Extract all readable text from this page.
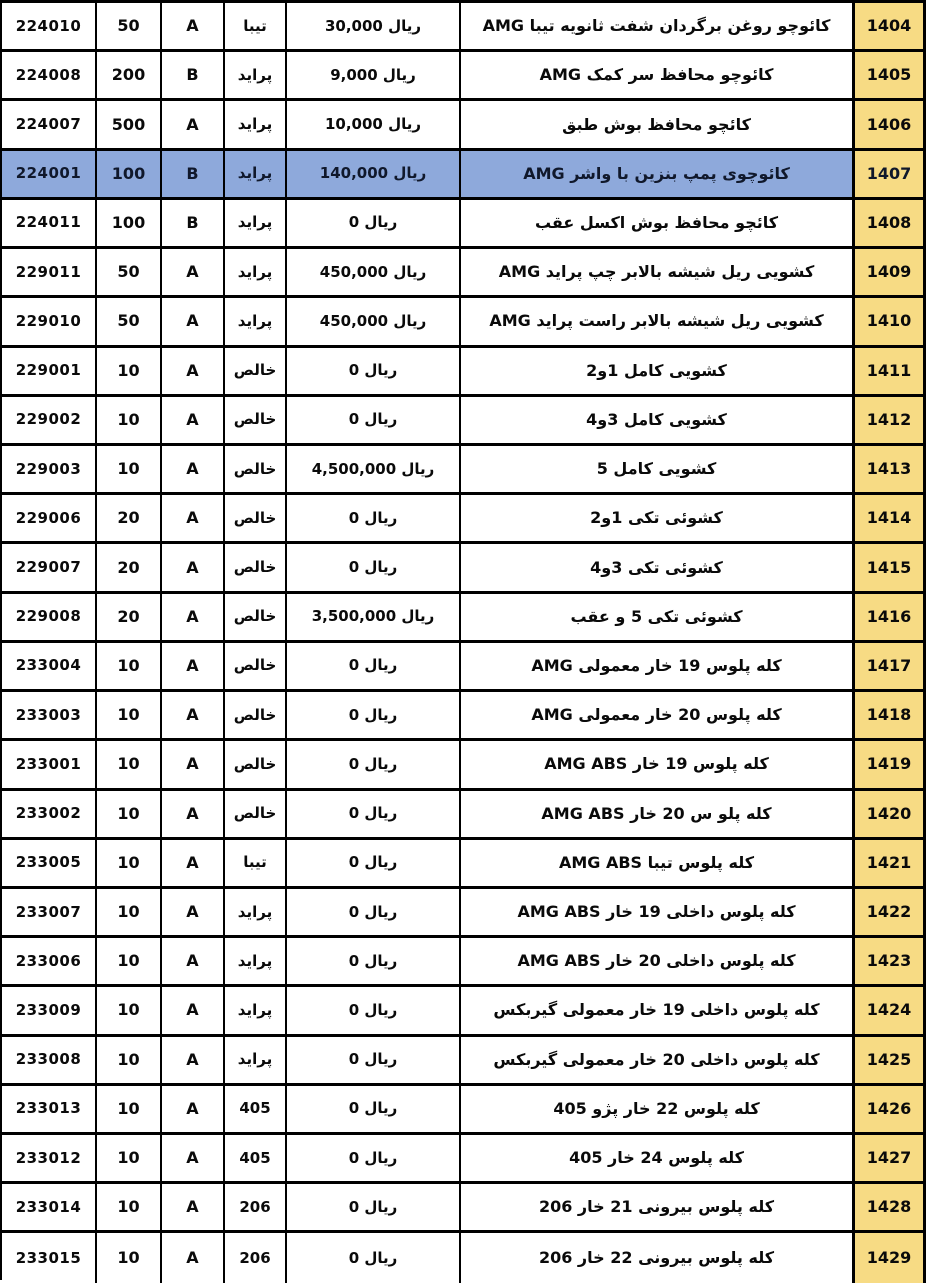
224010	50	A	تیبا	30,000 ریال	کائوچو روغن برگردان شفت ثانویه تیبا AMG	1404
224008	200	B	پراید	9,000 ریال	کائوچو محافظ سر کمک AMG	1405
224007	500	A	پراید	10,000 ریال	کائچو محافظ بوش طبق	1406
224001	100	B	پراید	140,000 ریال	کائوچوی پمپ بنزین با واشر AMG	1407
224011	100	B	پراید	ریال 0	کائچو محافظ بوش اکسل عقب	1408
229011	50	A	پراید	450,000 ریال	کشویی ریل شیشه بالابر چپ پراید AMG	1409
229010	50	A	پراید	450,000 ریال	کشویی ریل شیشه بالابر راست پراید AMG	1410
229001	10	A	خالص	ریال 0	کشویی کامل 1و2	1411
229002	10	A	خالص	ریال 0	کشویی کامل 3و4	1412
229003	10	A	خالص	4,500,000 ریال	کشویی کامل 5	1413
229006	20	A	خالص	ریال 0	کشوئی تکی 1و2	1414
229007	20	A	خالص	ریال 0	کشوئی تکی 3و4	1415
229008	20	A	خالص	3,500,000 ریال	کشوئی تکی 5 و عقب	1416
233004	10	A	خالص	ریال 0	کله پلوس 19 خار معمولی AMG	1417
233003	10	A	خالص	ریال 0	کله پلوس 20 خار معمولی AMG	1418
233001	10	A	خالص	ریال 0	کله پلوس 19 خار AMG ABS	1419
233002	10	A	خالص	ریال 0	کله پلو س 20 خار AMG ABS	1420
233005	10	A	تیبا	ریال 0	کله پلوس تیبا AMG ABS	1421
233007	10	A	پراید	ریال 0	کله پلوس داخلی 19 خار AMG ABS	1422
233006	10	A	پراید	ریال 0	کله پلوس داخلی 20 خار AMG ABS	1423
233009	10	A	پراید	ریال 0	کله پلوس داخلی 19 خار معمولی گیربکس	1424
233008	10	A	پراید	ریال 0	کله پلوس داخلی 20 خار معمولی گیربکس	1425
233013	10	A	405	ریال 0	کله پلوس 22 خار پژو 405	1426
233012	10	A	405	ریال 0	کله پلوس 24 خار 405	1427
233014	10	A	206	ریال 0	کله پلوس بیرونی 21 خار 206	1428
233015	10	A	206	ریال 0	کله پلوس بیرونی 22 خار 206	1429
